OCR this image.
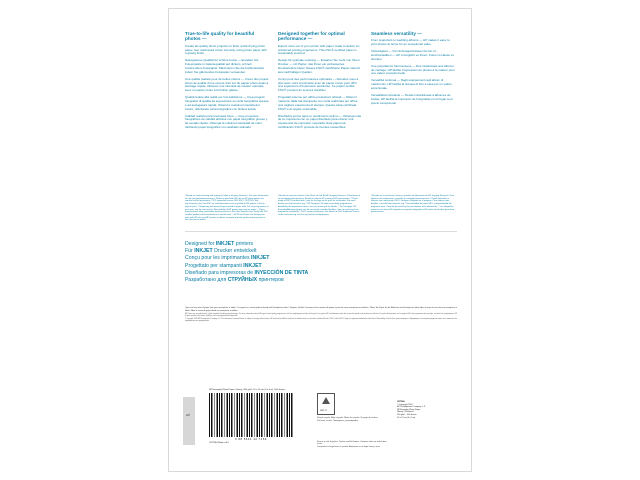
True-to-life quality for beautiful photos —

Create art-quality photo projects on thick, quick-drying photo paper. Get maximised colour intensity, using photo paper with a glossy finish.

Naturgetreue Qualität für schöne Fotos — Erstellen Sie Fotoprojekte in Galeriequalität auf dickem, schnell trocknendem Fotopapier. Maximieren Sie die Farbintensität, indem Sie glänzendes Fotopapier verwenden.

Une qualité réaliste pour de belles photos — Créez des projets photo de qualité d'une oeuvre d'art sur du papier photo épais à séchage rapide. Obtenez une intensité de couleur optimale, avec un papier photo à la finition glacée.

Qualità fedele alla realtà per foto bellissime — Crea progetti fotografici di qualità da esposizione su carta fotografica spessa e ad asciugatura rapida. Ottieni la massima intensità del colore, utilizzando carta fotografica con finitura lucida.

Calidad realista para preciosas fotos — Cree proyectos fotográficos de calidad artística con papel fotográfico grueso y de secado rápido. Obtenga la máxima intensidad de color utilizando papel fotográfico con acabado satinado.

Designed together for optimal performance —

Expect more out of your printer with paper made to deliver an enhanced printing experience. This FSC®-certified paper is sustainably sourced.

Design für optimale Leistung — Erwarten Sie mehr von Ihrem Drucker — mit Papier, das Ihnen ein verbessertes Druckerlebnis bietet. Dieses FSC®-zertifizierte Papier stammt aus nachhaltigen Quellen.

Conçu pour des performances optimales — Attendez-vous à plus avec votre imprimante avec du papier conçu pour offrir une expérience d'impression améliorée. Ce papier certifié FSC® provient de sources durables.

Progettati insieme per offrire prestazioni ottimali — Ottieni il massimo dalla tua stampante con carta realizzata per offrire una migliore esperienza di stampa. Questa carta certificata FSC® è di origine sostenibile.

Diseñados juntos para un rendimiento óptimo — Obtenga más de su impresora con un papel diseñado para ofrecer una experiencia de impresión mejorada. Este papel con certificación FSC® procede de fuentes sostenibles.

Seamless versatility —

From snapshots to wedding albums — HP makes it easy to print photos at home for an exceptional value.

Vielseitigkeit — Von Schnappschüssen bis hin zu Hochzeitsalben — HP ermöglicht es Ihnen, Fotos zu Hause zu drucken.

Une polyvalence harmonieuse — Des instantanés aux albums de mariage, HP facilite l'impression de photos à la maison pour une valeur exceptionnelle.

Versatilità continua — Dagli scappamenti agli album di matrimonio, HP facilita la stampa di foto a casa per un valore eccezionale.

Versatilidad constante — Desde instantáneas a álbumes de bodas, HP facilita la impresión de fotografías en el hogar a un precio excepcional.

¹ Based on internal testing and testing by Infinitus Imaging Research. For more information, see hp.com/go/printpermanence. Photos printed with HP inks on HP photo papers are rated to last for generations. ² ICP trademark license 2016 FSC® C017543. See http://www.fsc.org. Visit FSC for certified product and recyclable in HP papers. Look for logo on pack. ³ Supporting and internal layers tested at paper mills. For recycling options in your area, see hp.com/recycle. Recyclability of HP papers may vary by region. ⁴ Paper manufactured using sustainable forestry practices. See http://www.fsc.org. Verify with FSC certified products and manufacturer's specification. ⁵ HP Photo Papers are designed to work with HP inks and HP printers to deliver exceptional photo quality and permanence. See hp.com for details.
¹ Based on test-print volume of the Basic ink lab. All HP Imaging Research. Read more at hp.com/go/printpermanence. Based on internal HP testing of HP photo papers. ² Paper made at FSC®-certified mills. Look for the logo on the pack for verification. For more details see http://www.fsc.org. ³ HP Designjet / Deskjet recyclability programmes. Availability of programmes varies; see hp.com/recycle for details. ⁴ Per Designjet. HP Everyday/Advanced paper can be recycled in standard facilities. See hp.com/recycle for programme availability. ⁵ FSC® paper certification. For details on FSC trademark licence codes and sourcing, visit fsc.org and hp.com/go/papers.
¹ Basado en la evaluación interna y pruebas de laboratorio de HP Imaging Research. Para obtener más información, consulte hp.com/go/printpermanence. ² Papel fabricado en fábricas con certificación FSC®. Busque el logotipo en el paquete. Para obtener más detalles, consulte http://www.fsc.org. ³ Reciclabilidad del papel HP. La disponibilidad del programa varía. Consulte hp.com/recycle para obtener más información. ⁴ Las fotografías impresas con tintas HP originales en papeles fotográficos HP están clasificadas para durar generaciones.
Designed for INKJET printers
Für INKJET Drucker entwickelt
Conçu pour les imprimantes INKJET
Progettato per stampanti INKJET
Diseñado para impresoras de INYECCIÓN DE TINTA
Разработано для СТРУЙНЫХ принтеров

Open and use ream of paper from your smartphone or tablet.¹ On paper for a visual guide to flawed with Smartphones label.³ Register. Veuillez l'ouverture d'une ramette de papier à partir de votre smartphone ou tablette.¹ Öffnen Sie Papier für die Bildschirm mit Smartphones label.³ Apra la risma di carta dal suo smartphone o tablet.¹ Abra la resma de papel desde su smartphone o tableta.¹

HP Papers are manufactured to a high standard of quality and performance. For more information about HP papers and recycling programmes, visit hp.com/go/papers and hp.com/recycle. Les papiers HP sont fabriqués selon des normes de qualité et de performance élevées. Pour plus d'informations sur les papiers HP et les programmes de recyclage, consultez hp.com/go/papers. HP Papiere werden nach hohen Qualitäts- und Leistungsstandards hergestellt.

© Copyright 2019 HP Development Company, L.P. The information contained herein is subject to change without notice. HP shall not be liable for technical or editorial errors or omissions contained herein. FSC® and the FSC® logo are registered trademarks of the Forest Stewardship Council. Все права защищены. Информация в настоящем документе может быть изменена без предварительного уведомления.

HP
HP Everyday Photo Paper, Glossy, 200 g/m², 10 x 15 cm (4 x 6 in), 100 sheets
0 88 5631 42 7169
CR759A | Made in EU
PAP 21
Please recycle. Bitte recyceln. Merci de recycler. Si prega di riciclare. Por favor, recicle. Пожалуйста, утилизируйте.
Store in a cool, dry place. Trocken und kühl lagern. Conserver dans un endroit frais et sec.
Conservare in luogo fresco e asciutto. Almacenar en un lugar fresco y seco.
CR759A
© Copyright 2019
HP Development Company, L.P.
HP Everyday Photo Paper
Glossy / Glänzend
200 g/m² · 100 sheets
10 x 15 cm (4 x 6 in)
